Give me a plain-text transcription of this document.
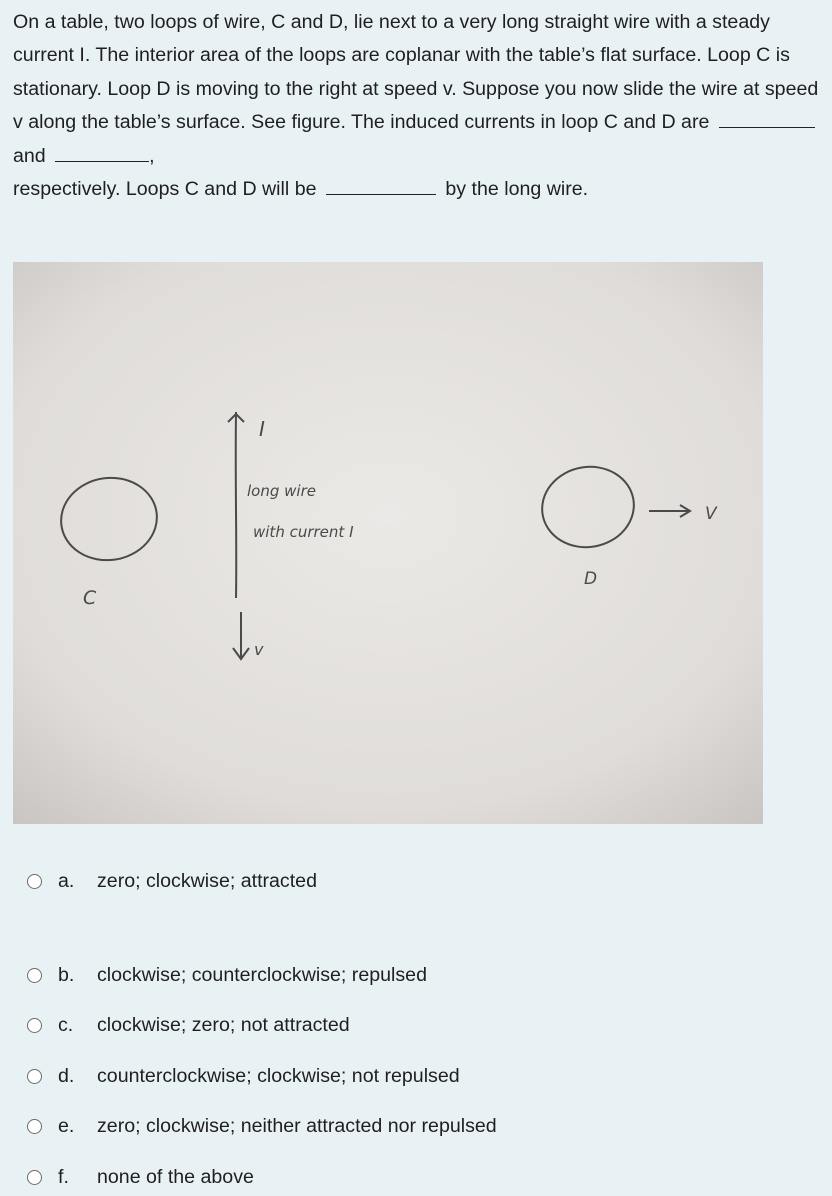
On a table, two loops of wire, C and D, lie next to a very long straight wire with a steady current I. The interior area of the loops are coplanar with the table’s flat surface. Loop C is stationary. Loop D is moving to the right at speed v. Suppose you now slide the wire at speed v along the table’s surface. See figure. The induced currents in loop C and D are  and	,
respectively. Loops C and D will be	by the long wire.
I
long wire
with current I
v
C
D
V
a.	zero; clockwise; attracted
b.	clockwise; counterclockwise; repulsed
c.	clockwise; zero; not attracted
d.	counterclockwise; clockwise; not repulsed
e.	zero; clockwise; neither attracted nor repulsed
f.	none of the above
